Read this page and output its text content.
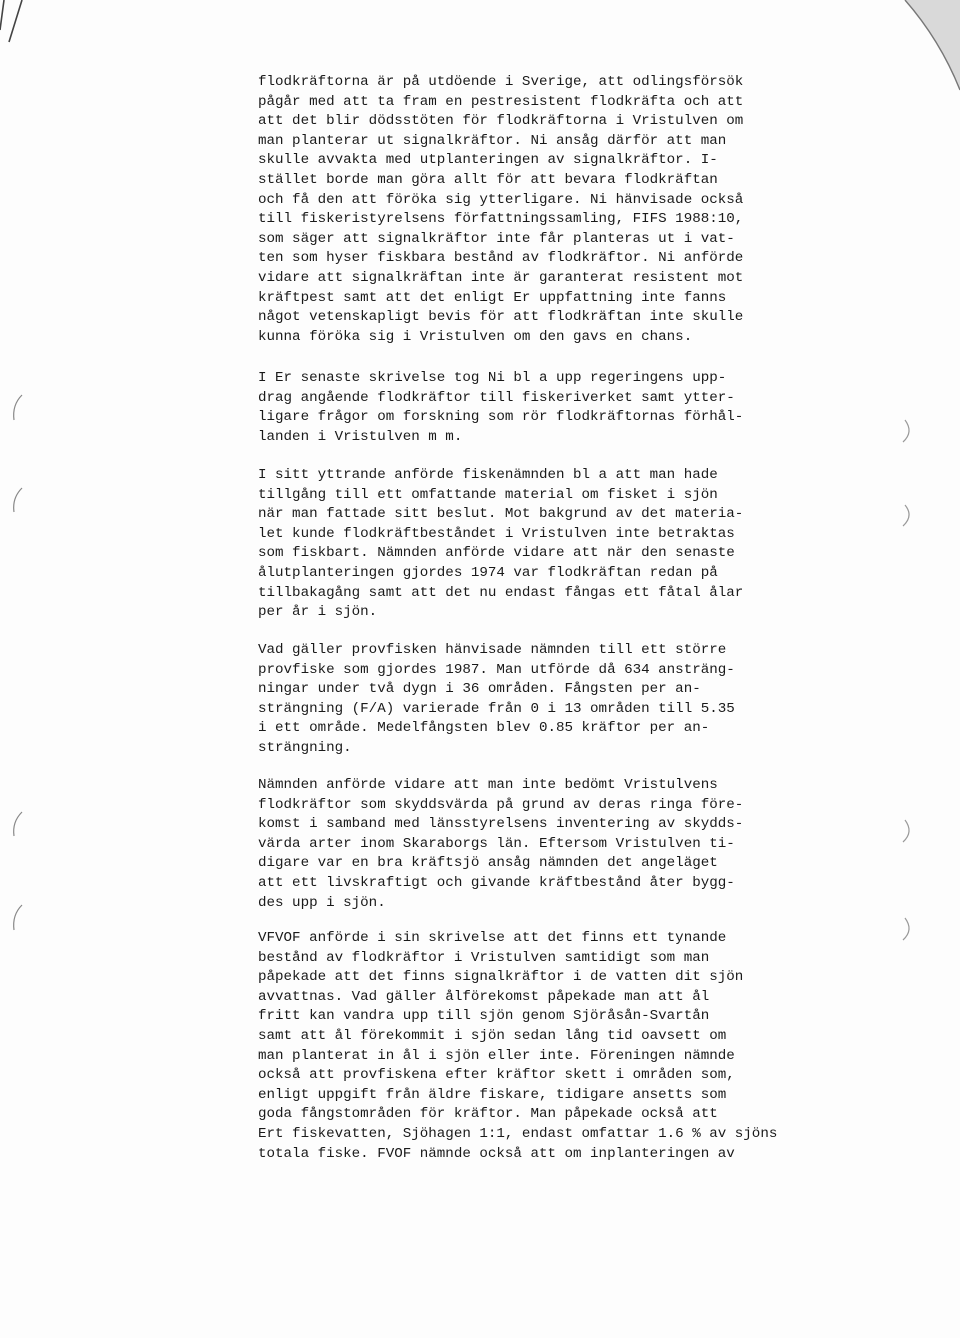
flodkräftorna är på utdöende i Sverige, att odlingsförsök
pågår med att ta fram en pestresistent flodkräfta och att
att det blir dödsstöten för flodkräftorna i Vristulven om
man planterar ut signalkräftor. Ni ansåg därför att man
skulle avvakta med utplanteringen av signalkräftor. I-
stället borde man göra allt för att bevara flodkräftan
och få den att föröka sig ytterligare. Ni hänvisade också
till fiskeristyrelsens författningssamling, FIFS 1988:10,
som säger att signalkräftor inte får planteras ut i vat-
ten som hyser fiskbara bestånd av flodkräftor. Ni anförde
vidare att signalkräftan inte är garanterat resistent mot
kräftpest samt att det enligt Er uppfattning inte fanns
något vetenskapligt bevis för att flodkräftan inte skulle
kunna föröka sig i Vristulven om den gavs en chans.
I Er senaste skrivelse tog Ni bl a upp regeringens upp-
drag angående flodkräftor till fiskeriverket samt ytter-
ligare frågor om forskning som rör flodkräftornas förhål-
landen i Vristulven m m.
I sitt yttrande anförde fiskenämnden bl a att man hade
tillgång till ett omfattande material om fisket i sjön
när man fattade sitt beslut. Mot bakgrund av det materia-
let kunde flodkräftbeståndet i Vristulven inte betraktas
som fiskbart. Nämnden anförde vidare att när den senaste
ålutplanteringen gjordes 1974 var flodkräftan redan på
tillbakagång samt att det nu endast fångas ett fåtal ålar
per år i sjön.
Vad gäller provfisken hänvisade nämnden till ett större
provfiske som gjordes 1987. Man utförde då 634 ansträng-
ningar under två dygn i 36 områden. Fångsten per an-
strängning (F/A) varierade från 0 i 13 områden till 5.35
i ett område. Medelfångsten blev 0.85 kräftor per an-
strängning.
Nämnden anförde vidare att man inte bedömt Vristulvens
flodkräftor som skyddsvärda på grund av deras ringa före-
komst i samband med länsstyrelsens inventering av skydds-
värda arter inom Skaraborgs län. Eftersom Vristulven ti-
digare var en bra kräftsjö ansåg nämnden det angeläget
att ett livskraftigt och givande kräftbestånd åter bygg-
des upp i sjön.
VFVOF anförde i sin skrivelse att det finns ett tynande
bestånd av flodkräftor i Vristulven samtidigt som man
påpekade att det finns signalkräftor i de vatten dit sjön
avvattnas. Vad gäller ålförekomst påpekade man att ål
fritt kan vandra upp till sjön genom Sjöråsån-Svartån
samt att ål förekommit i sjön sedan lång tid oavsett om
man planterat in ål i sjön eller inte. Föreningen nämnde
också att provfiskena efter kräftor skett i områden som,
enligt uppgift från äldre fiskare, tidigare ansetts som
goda fångstområden för kräftor. Man påpekade också att
Ert fiskevatten, Sjöhagen 1:1, endast omfattar 1.6 % av sjöns
totala fiske. FVOF nämnde också att om inplanteringen av
